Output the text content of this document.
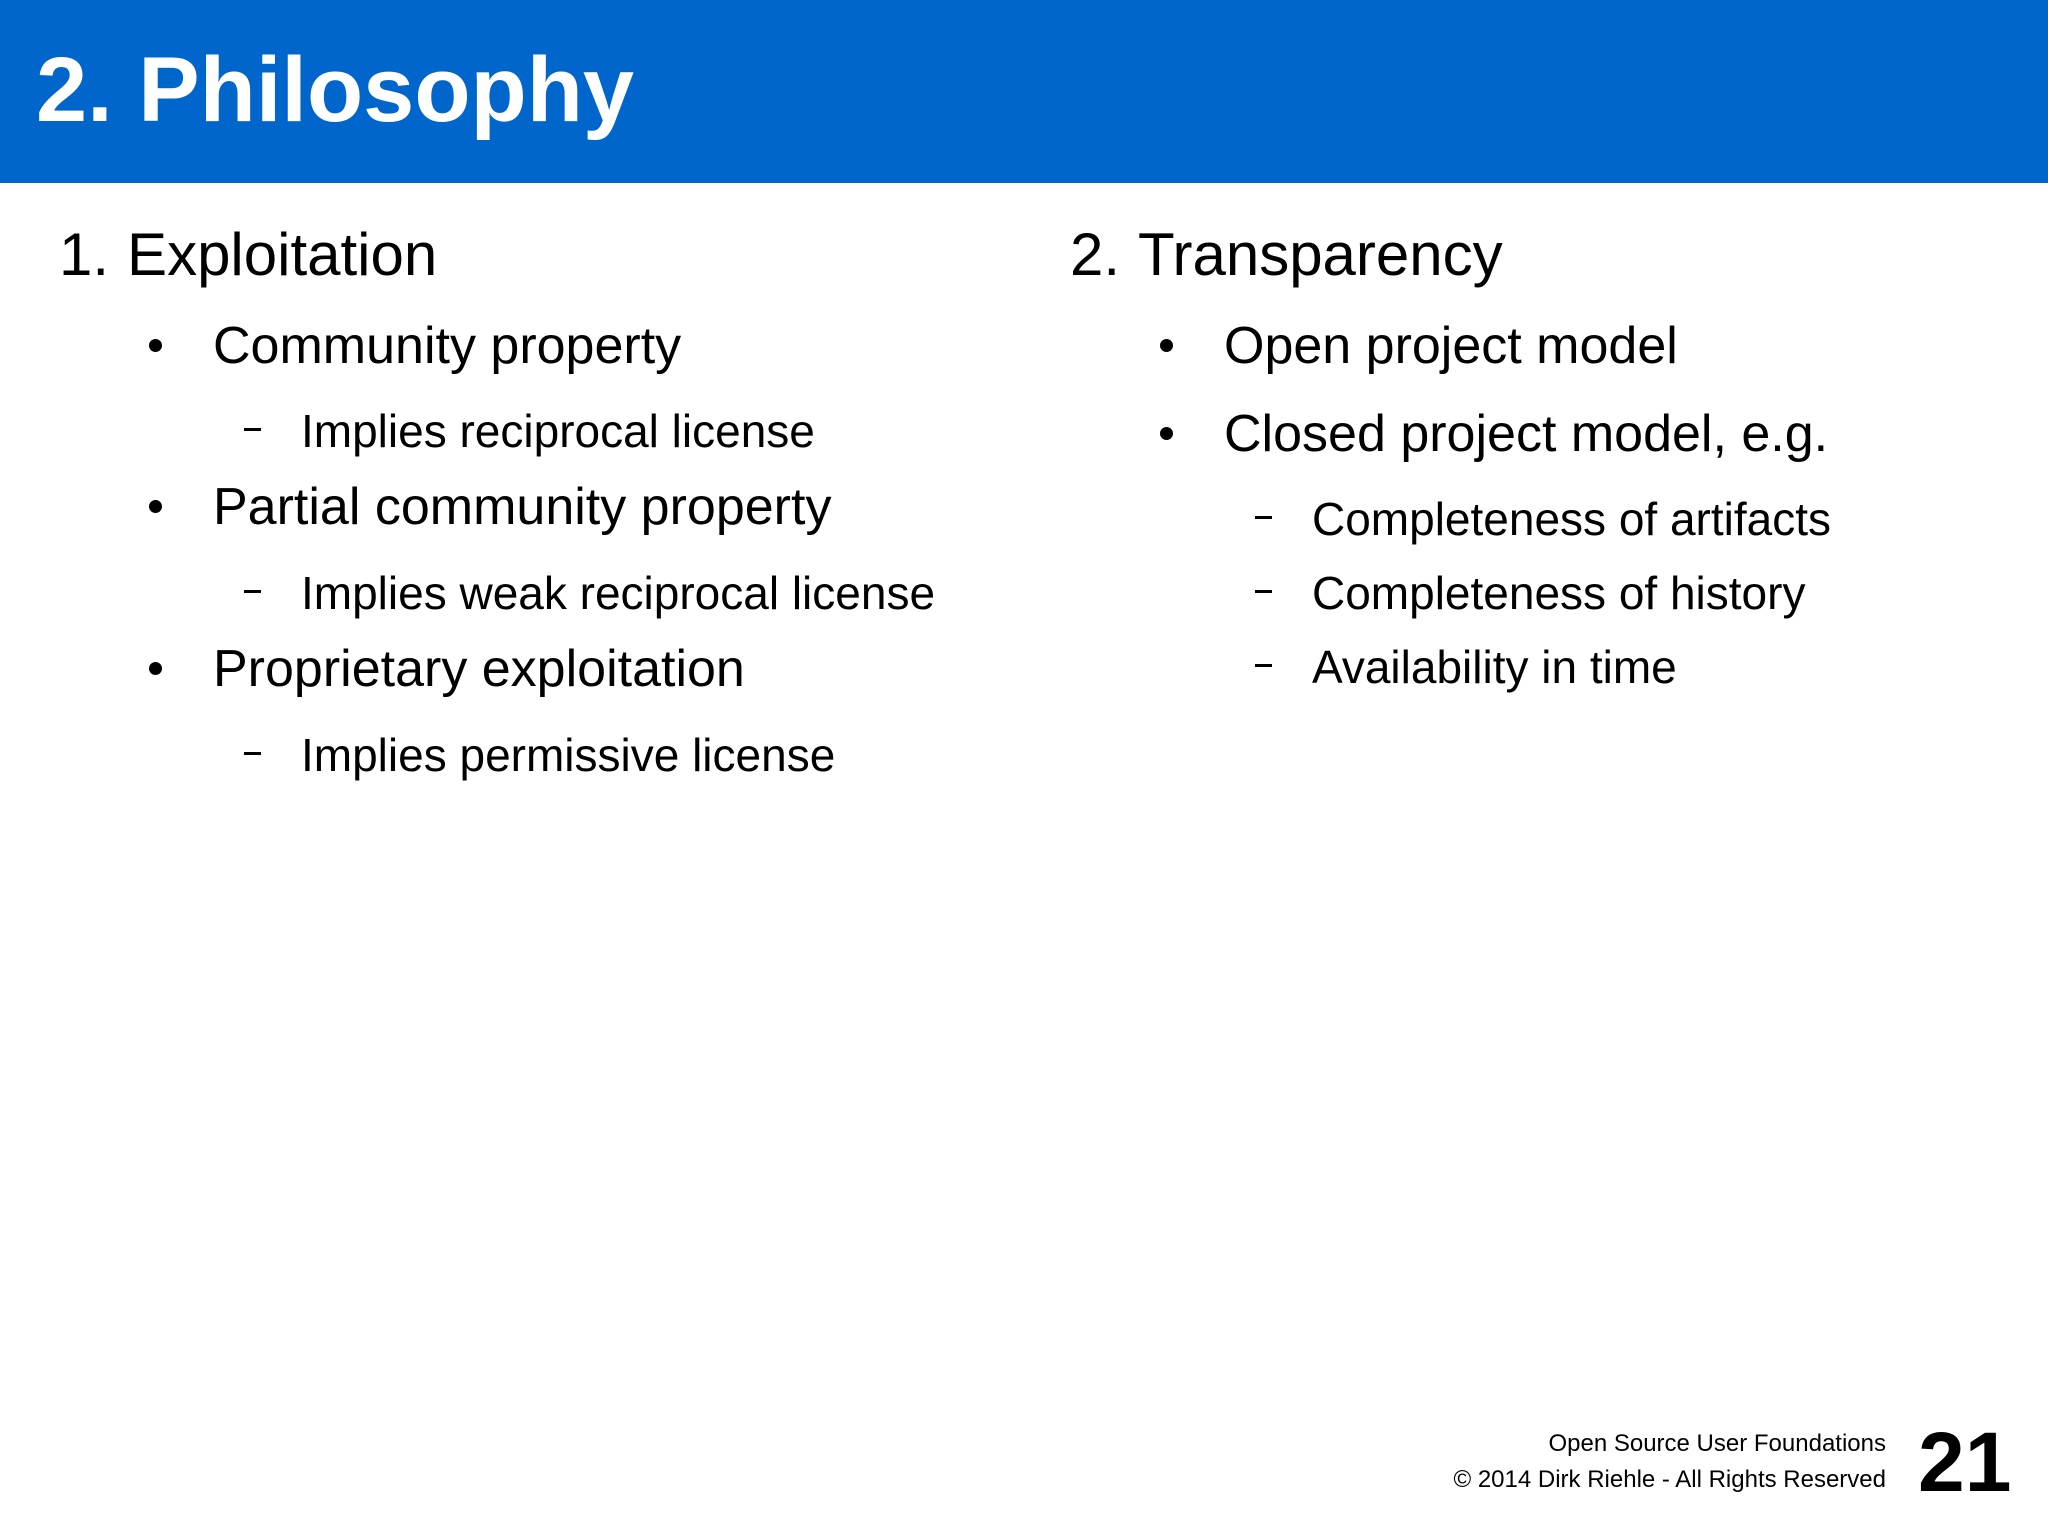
2. Philosophy
1. Exploitation
Community property
Implies reciprocal license
Partial community property
Implies weak reciprocal license
Proprietary exploitation
Implies permissive license
2. Transparency
Open project model
Closed project model, e.g.
Completeness of artifacts
Completeness of history
Availability in time
Open Source User Foundations
© 2014 Dirk Riehle - All Rights Reserved 21
